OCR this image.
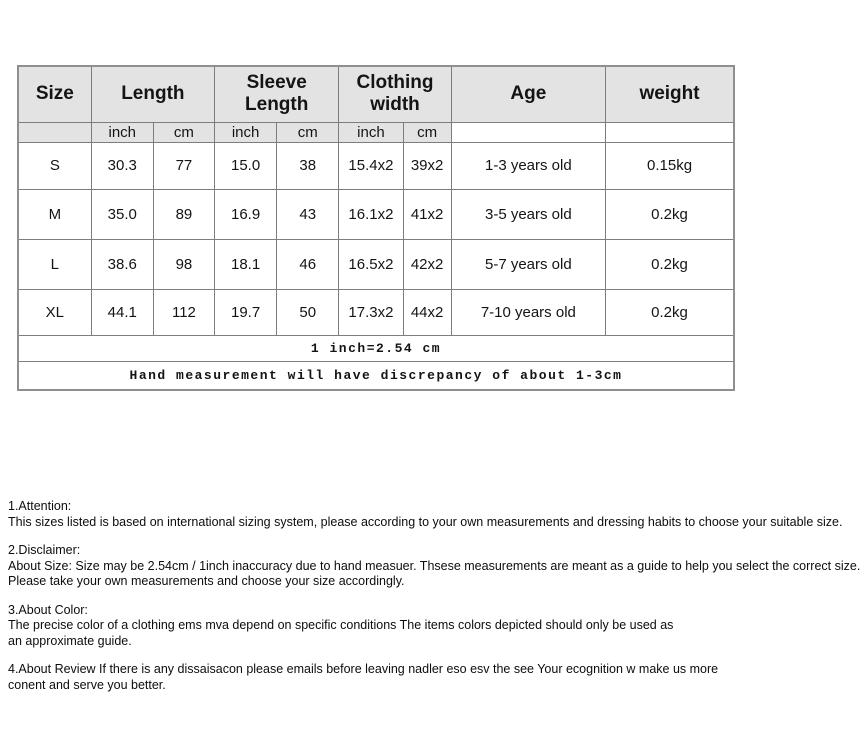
Size	Length		Sleeve Length		Clothing width		Age	weight
	inch	cm	inch	cm	inch	cm		
S	30.3	77	15.0	38	15.4x2	39x2	1-3 years old	0.15kg
M	35.0	89	16.9	43	16.1x2	41x2	3-5 years old	0.2kg
L	38.6	98	18.1	46	16.5x2	42x2	5-7 years old	0.2kg
XL	44.1	112	19.7	50	17.3x2	44x2	7-10 years old	0.2kg
1 inch=2.54 cm								
Hand measurement will have discrepancy of about 1-3cm								
1.Attention:
This sizes listed is based on international sizing system, please according to your own measurements and dressing habits to choose your suitable size.
2.Disclaimer:
About Size: Size may be 2.54cm / 1inch inaccuracy due to hand measuer. Thsese measurements are meant as a guide to help you select the correct size.
Please take your own measurements and choose your size accordingly.
3.About Color:
The precise color of a clothing ems mva depend on specific conditions The items colors depicted should only be used as
an approximate guide.
4.About Review If there is any dissaisacon please emails before leaving nadler eso esv the see Your ecognition w make us more
conent and serve you better.
